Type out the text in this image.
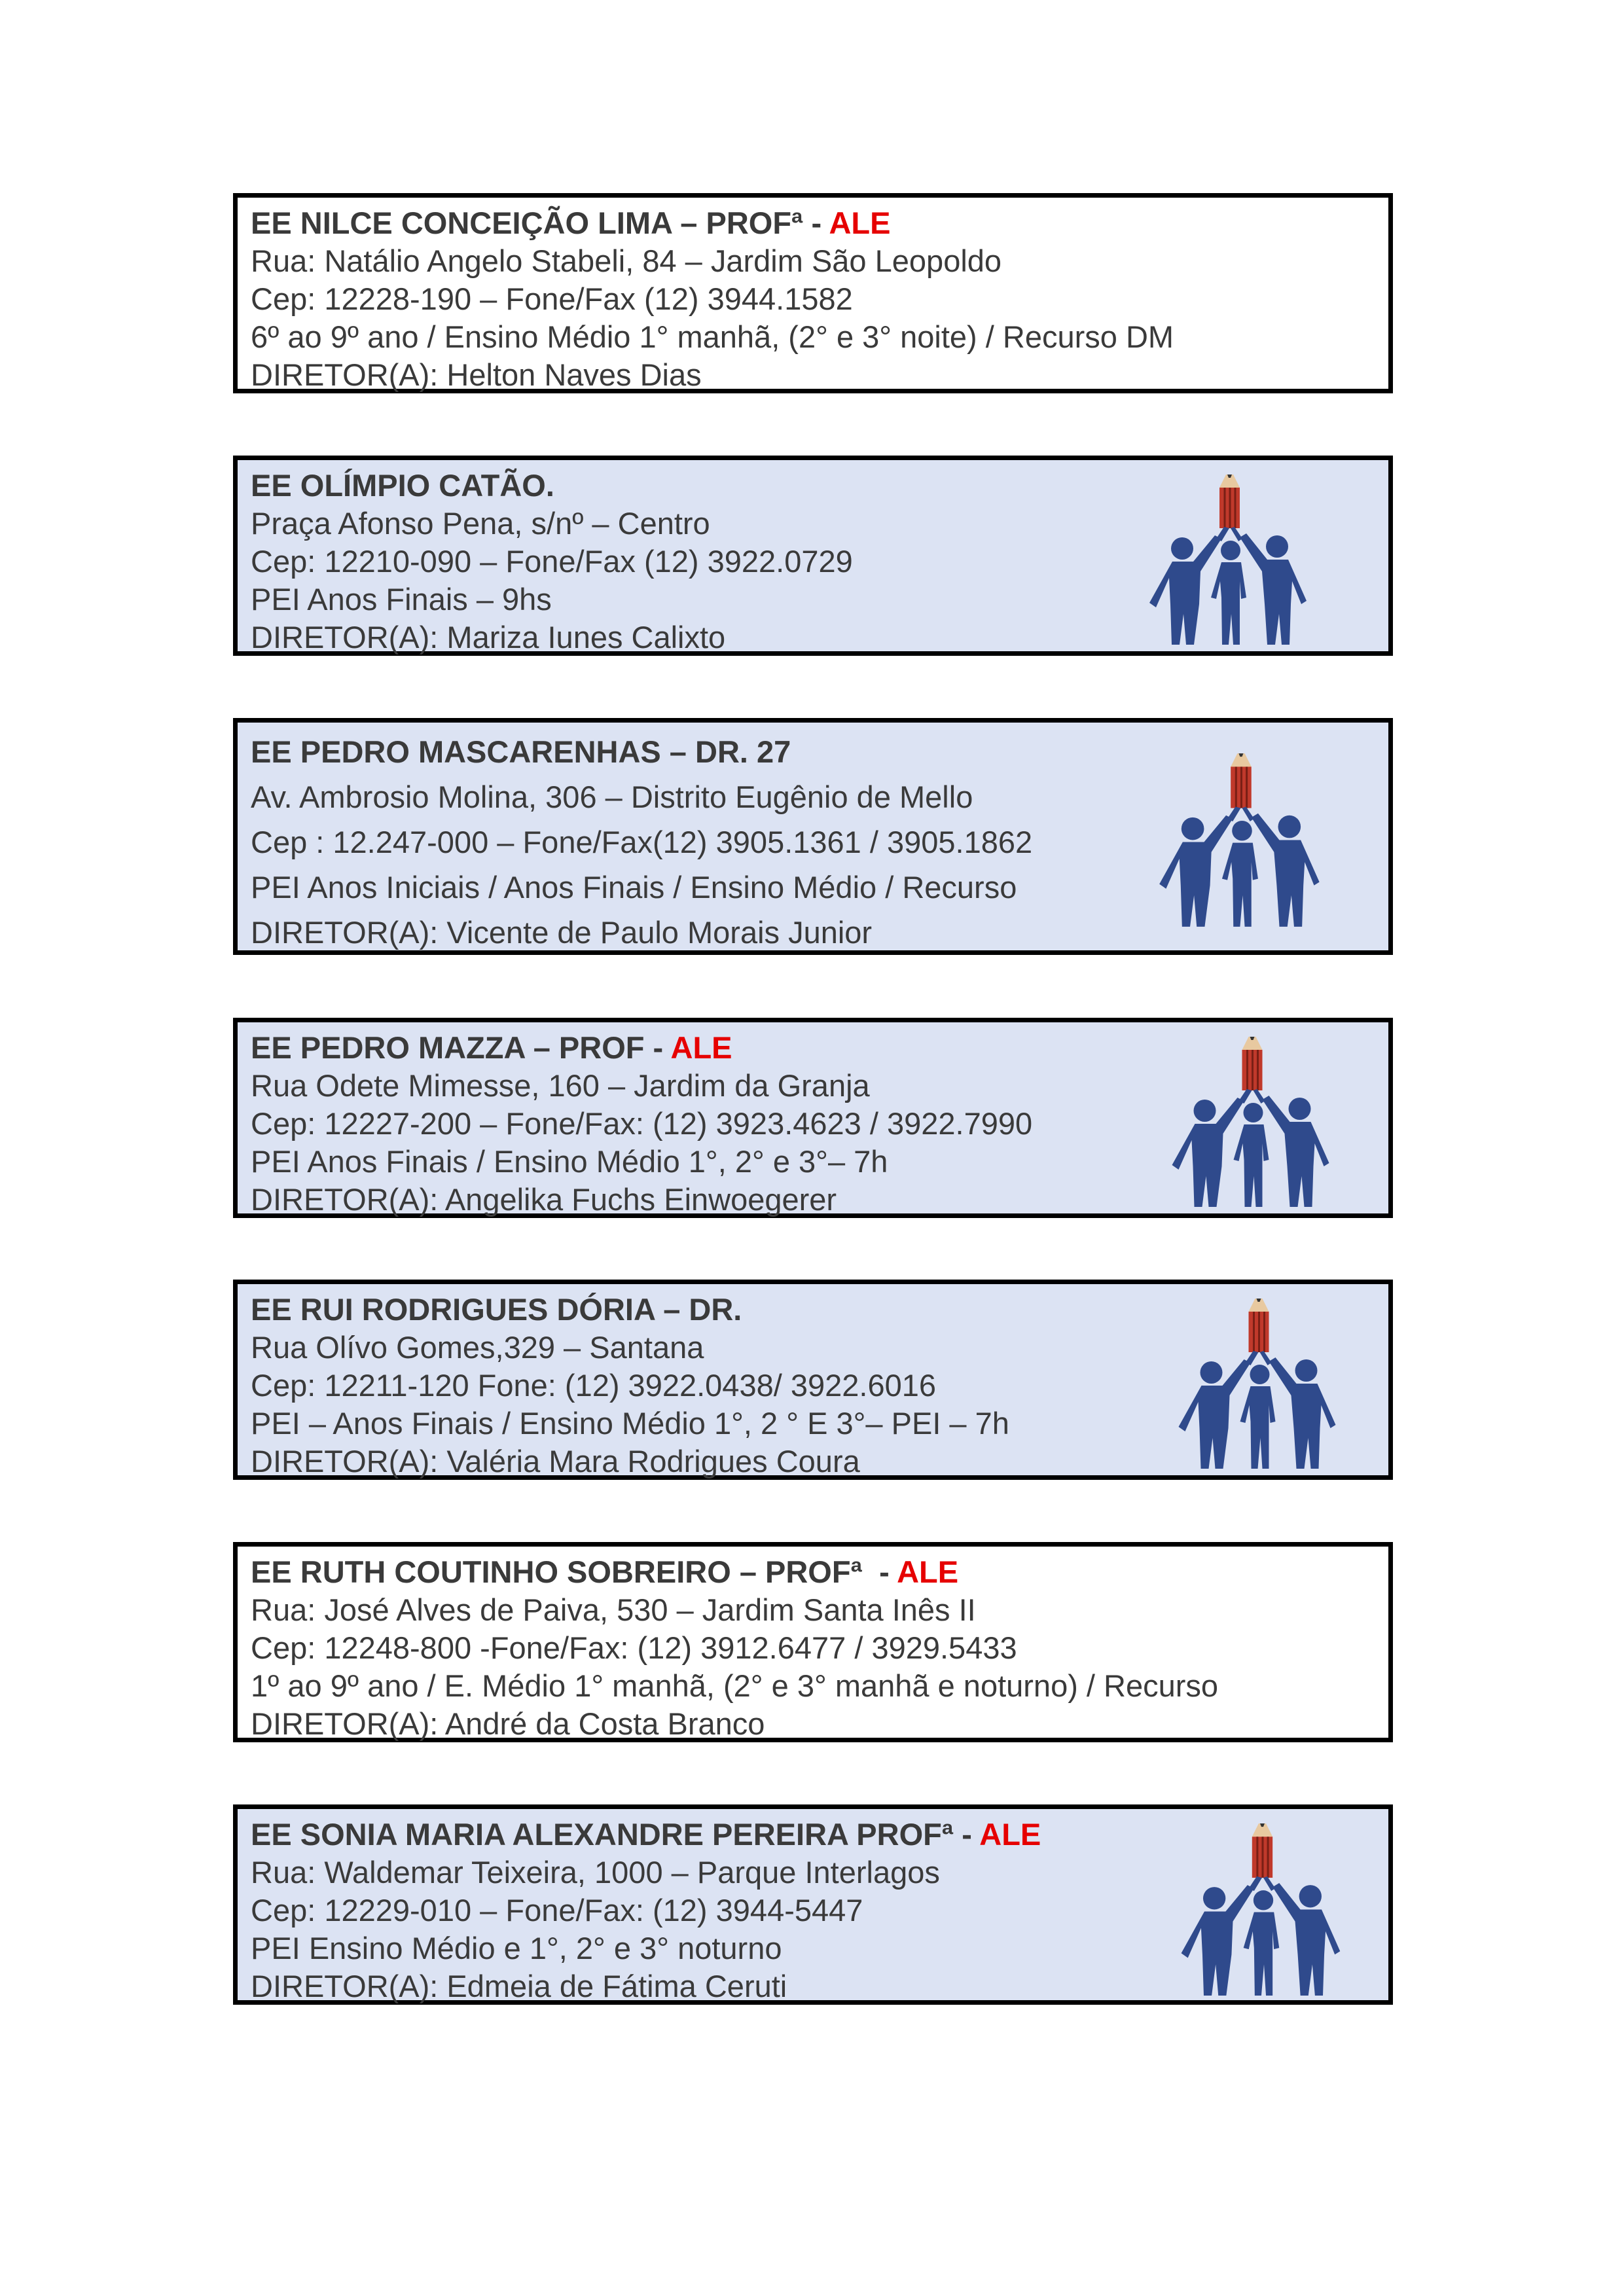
EE NILCE CONCEIÇÃO LIMA – PROFª - ALE
Rua: Natálio Angelo Stabeli, 84 – Jardim São Leopoldo
Cep: 12228-190 – Fone/Fax (12) 3944.1582
6º ao 9º ano / Ensino Médio 1° manhã, (2° e 3° noite) / Recurso DM
DIRETOR(A): Helton Naves Dias
EE OLÍMPIO CATÃO.
Praça Afonso Pena, s/nº – Centro
Cep: 12210-090 – Fone/Fax (12) 3922.0729
PEI Anos Finais – 9hs
DIRETOR(A): Mariza Iunes Calixto
EE PEDRO MASCARENHAS – DR. 27
Av. Ambrosio Molina, 306 – Distrito Eugênio de Mello
Cep : 12.247-000 – Fone/Fax(12) 3905.1361 / 3905.1862
PEI Anos Iniciais / Anos Finais / Ensino Médio / Recurso
DIRETOR(A): Vicente de Paulo Morais Junior
EE PEDRO MAZZA – PROF - ALE
Rua Odete Mimesse, 160 – Jardim da Granja
Cep: 12227-200 – Fone/Fax: (12) 3923.4623 / 3922.7990
PEI Anos Finais / Ensino Médio 1°, 2° e 3°– 7h
DIRETOR(A): Angelika Fuchs Einwoegerer
EE RUI RODRIGUES DÓRIA – DR.
Rua Olívo Gomes,329 – Santana
Cep: 12211-120 Fone: (12) 3922.0438/ 3922.6016
PEI – Anos Finais / Ensino Médio 1°, 2 ° E 3°– PEI – 7h
DIRETOR(A): Valéria Mara Rodrigues Coura
EE RUTH COUTINHO SOBREIRO – PROFª  - ALE
Rua: José Alves de Paiva, 530 – Jardim Santa Inês II
Cep: 12248-800 -Fone/Fax: (12) 3912.6477 / 3929.5433
1º ao 9º ano / E. Médio 1° manhã, (2° e 3° manhã e noturno) / Recurso
DIRETOR(A): André da Costa Branco
EE SONIA MARIA ALEXANDRE PEREIRA PROFª - ALE
Rua: Waldemar Teixeira, 1000 – Parque Interlagos
Cep: 12229-010 – Fone/Fax: (12) 3944-5447
PEI Ensino Médio e 1°, 2° e 3° noturno
DIRETOR(A): Edmeia de Fátima Ceruti
